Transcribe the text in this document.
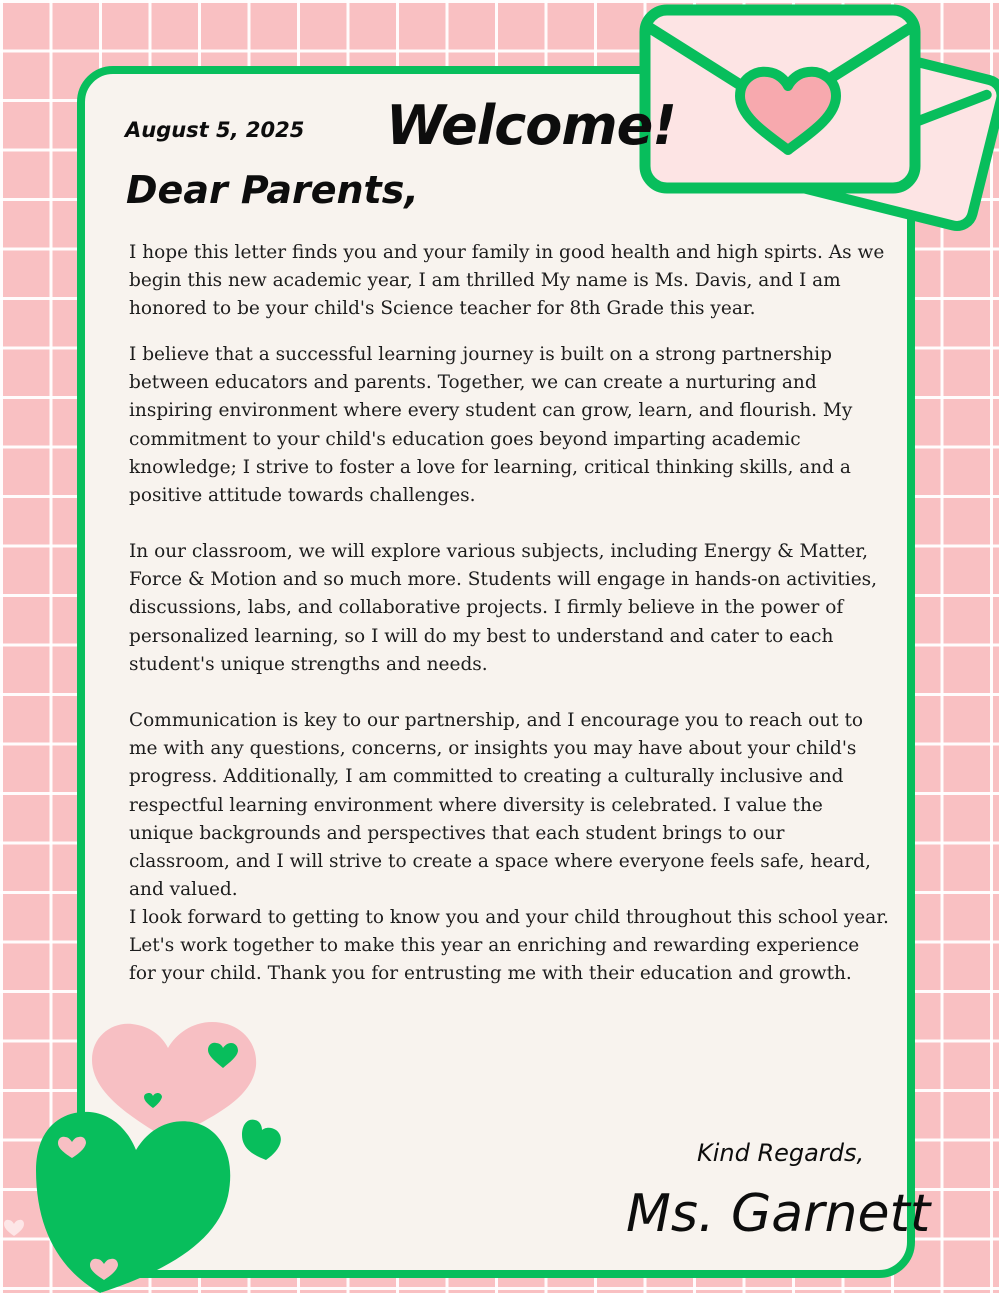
August 5, 2025 Welcome!
Dear Parents,

I hope this letter finds you and your family in good health and high spirts. As we begin this new academic year, I am thrilled My name is Ms. Davis, and I am honored to be your child's Science teacher for 8th Grade this year.

I believe that a successful learning journey is built on a strong partnership between educators and parents. Together, we can create a nurturing and inspiring environment where every student can grow, learn, and flourish. My commitment to your child's education goes beyond imparting academic knowledge; I strive to foster a love for learning, critical thinking skills, and a positive attitude towards challenges.

In our classroom, we will explore various subjects, including Energy & Matter, Force & Motion and so much more. Students will engage in hands-on activities, discussions, labs, and collaborative projects. I firmly believe in the power of personalized learning, so I will do my best to understand and cater to each student's unique strengths and needs.

Communication is key to our partnership, and I encourage you to reach out to me with any questions, concerns, or insights you may have about your child's progress. Additionally, I am committed to creating a culturally inclusive and respectful learning environment where diversity is celebrated. I value the unique backgrounds and perspectives that each student brings to our classroom, and I will strive to create a space where everyone feels safe, heard, and valued.

I look forward to getting to know you and your child throughout this school year. Let's work together to make this year an enriching and rewarding experience for your child. Thank you for entrusting me with their education and growth.

Kind Regards,
Ms. Garnett
